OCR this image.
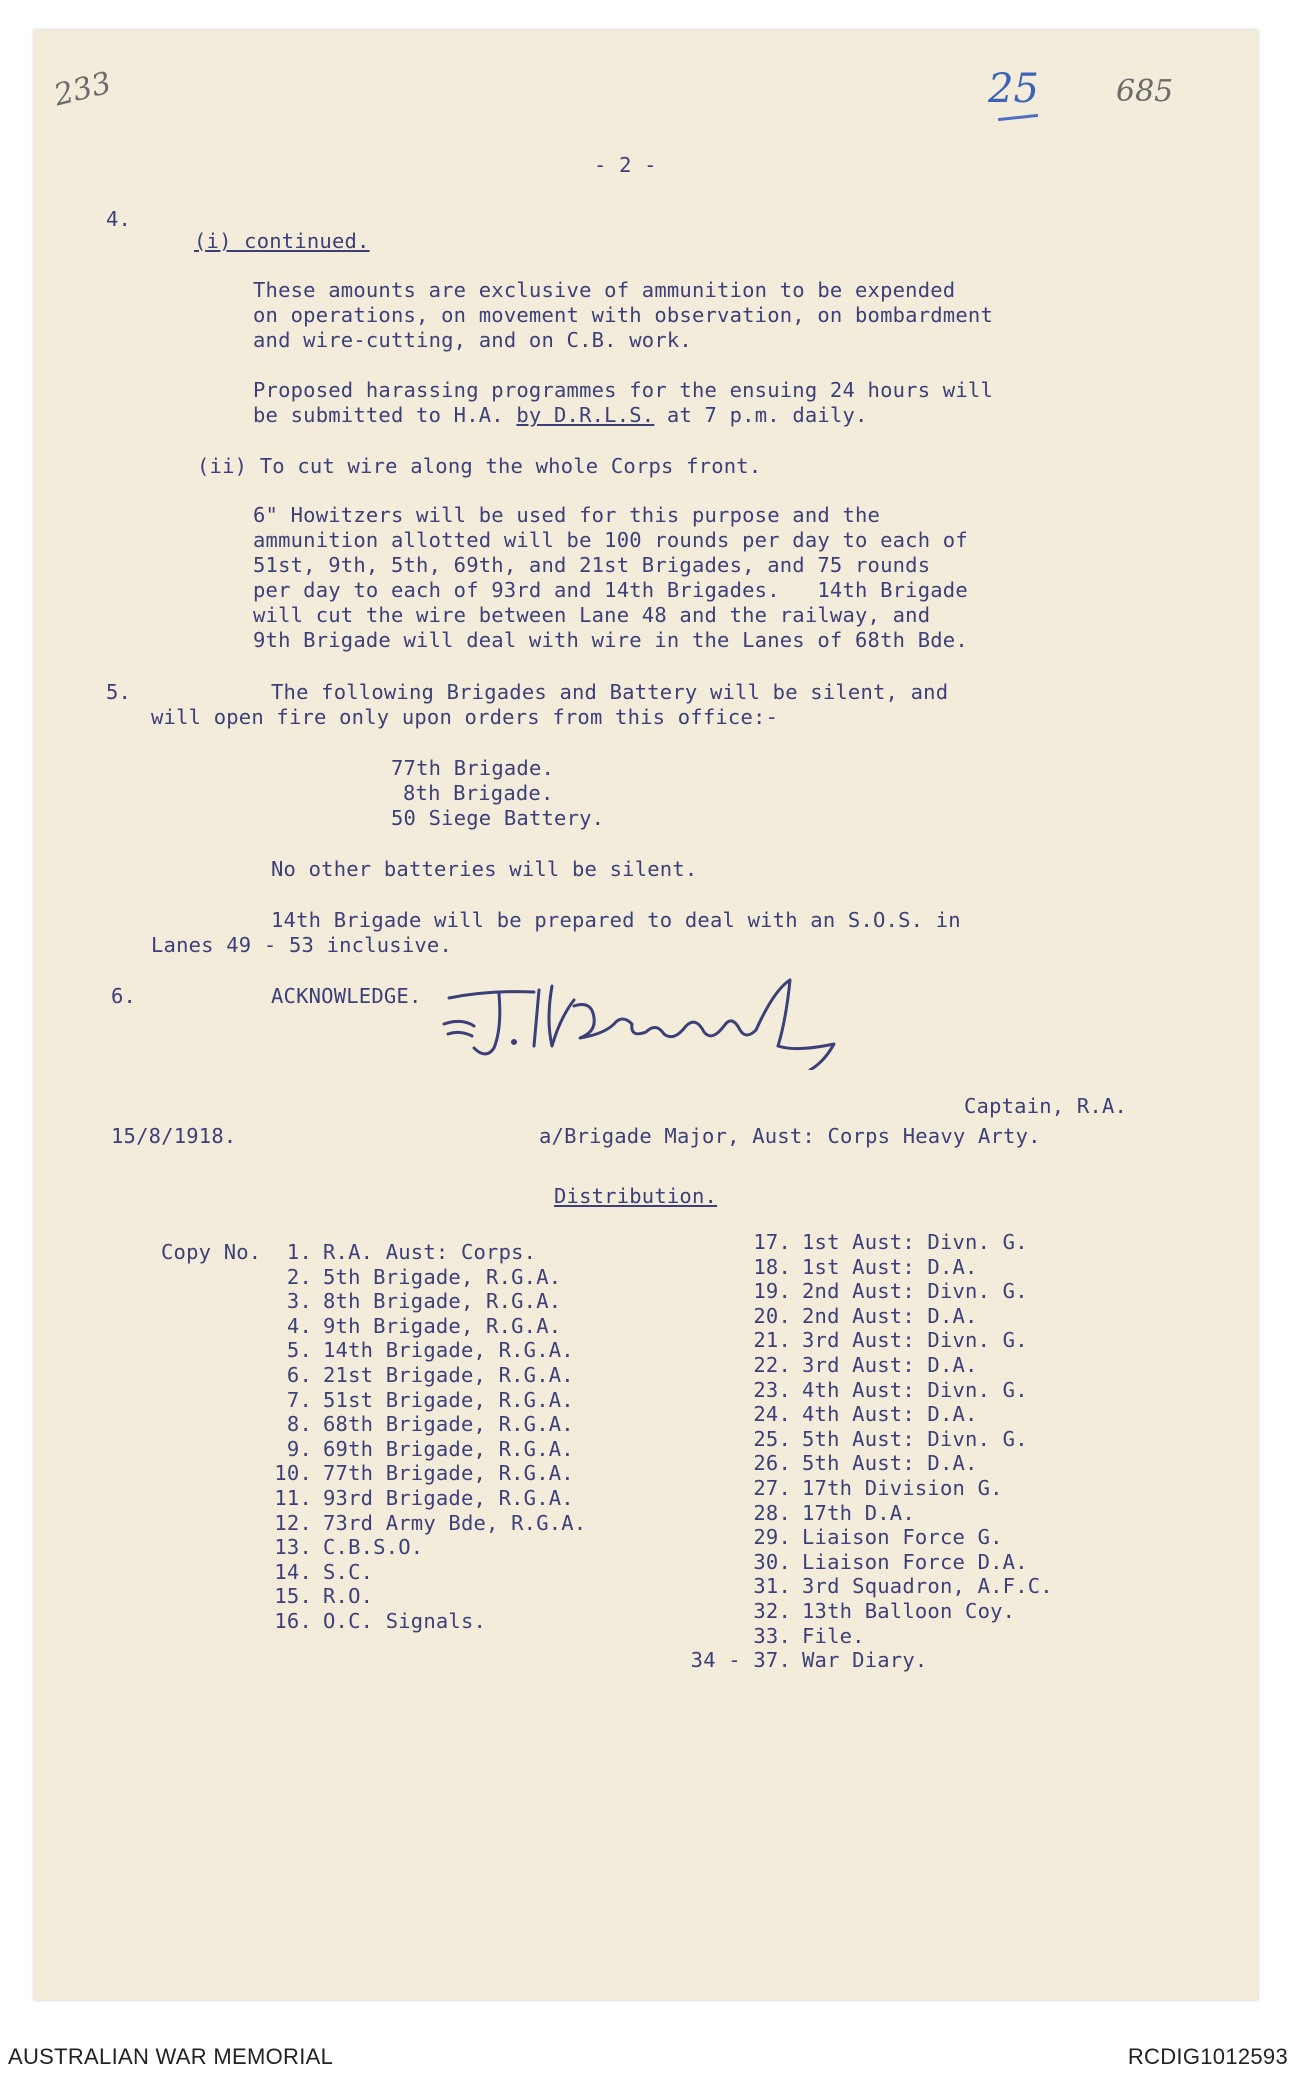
233	25	685
- 2 -
4.
(i) continued.
These amounts are exclusive of ammunition to be expended
on operations, on movement with observation, on bombardment
and wire-cutting, and on C.B. work.
Proposed harassing programmes for the ensuing 24 hours will
be submitted to H.A. by D.R.L.S. at 7 p.m. daily.
(ii) To cut wire along the whole Corps front.
6" Howitzers will be used for this purpose and the
ammunition allotted will be 100 rounds per day to each of
51st, 9th, 5th, 69th, and 21st Brigades, and 75 rounds
per day to each of 93rd and 14th Brigades.   14th Brigade
will cut the wire between Lane 48 and the railway, and
9th Brigade will deal with wire in the Lanes of 68th Bde.
5.	The following Brigades and Battery will be silent, and
will open fire only upon orders from this office:-
77th Brigade.
8th Brigade.
50 Siege Battery.
No other batteries will be silent.
14th Brigade will be prepared to deal with an S.O.S. in
Lanes 49 - 53 inclusive.
6.	ACKNOWLEDGE.
Captain, R.A.
15/8/1918.	a/Brigade Major, Aust: Corps Heavy Arty.
Distribution.
Copy No. 1. R.A. Aust: Corps.
2. 5th Brigade, R.G.A.
3. 8th Brigade, R.G.A.
4. 9th Brigade, R.G.A.
5. 14th Brigade, R.G.A.
6. 21st Brigade, R.G.A.
7. 51st Brigade, R.G.A.
8. 68th Brigade, R.G.A.
9. 69th Brigade, R.G.A.
10. 77th Brigade, R.G.A.
11. 93rd Brigade, R.G.A.
12. 73rd Army Bde, R.G.A.
13. C.B.S.O.
14. S.C.
15. R.O.
16. O.C. Signals.
17. 1st Aust: Divn. G.
18. 1st Aust: D.A.
19. 2nd Aust: Divn. G.
20. 2nd Aust: D.A.
21. 3rd Aust: Divn. G.
22. 3rd Aust: D.A.
23. 4th Aust: Divn. G.
24. 4th Aust: D.A.
25. 5th Aust: Divn. G.
26. 5th Aust: D.A.
27. 17th Division G.
28. 17th D.A.
29. Liaison Force G.
30. Liaison Force D.A.
31. 3rd Squadron, A.F.C.
32. 13th Balloon Coy.
33. File.
34 - 37. War Diary.
AUSTRALIAN WAR MEMORIAL	RCDIG1012593
